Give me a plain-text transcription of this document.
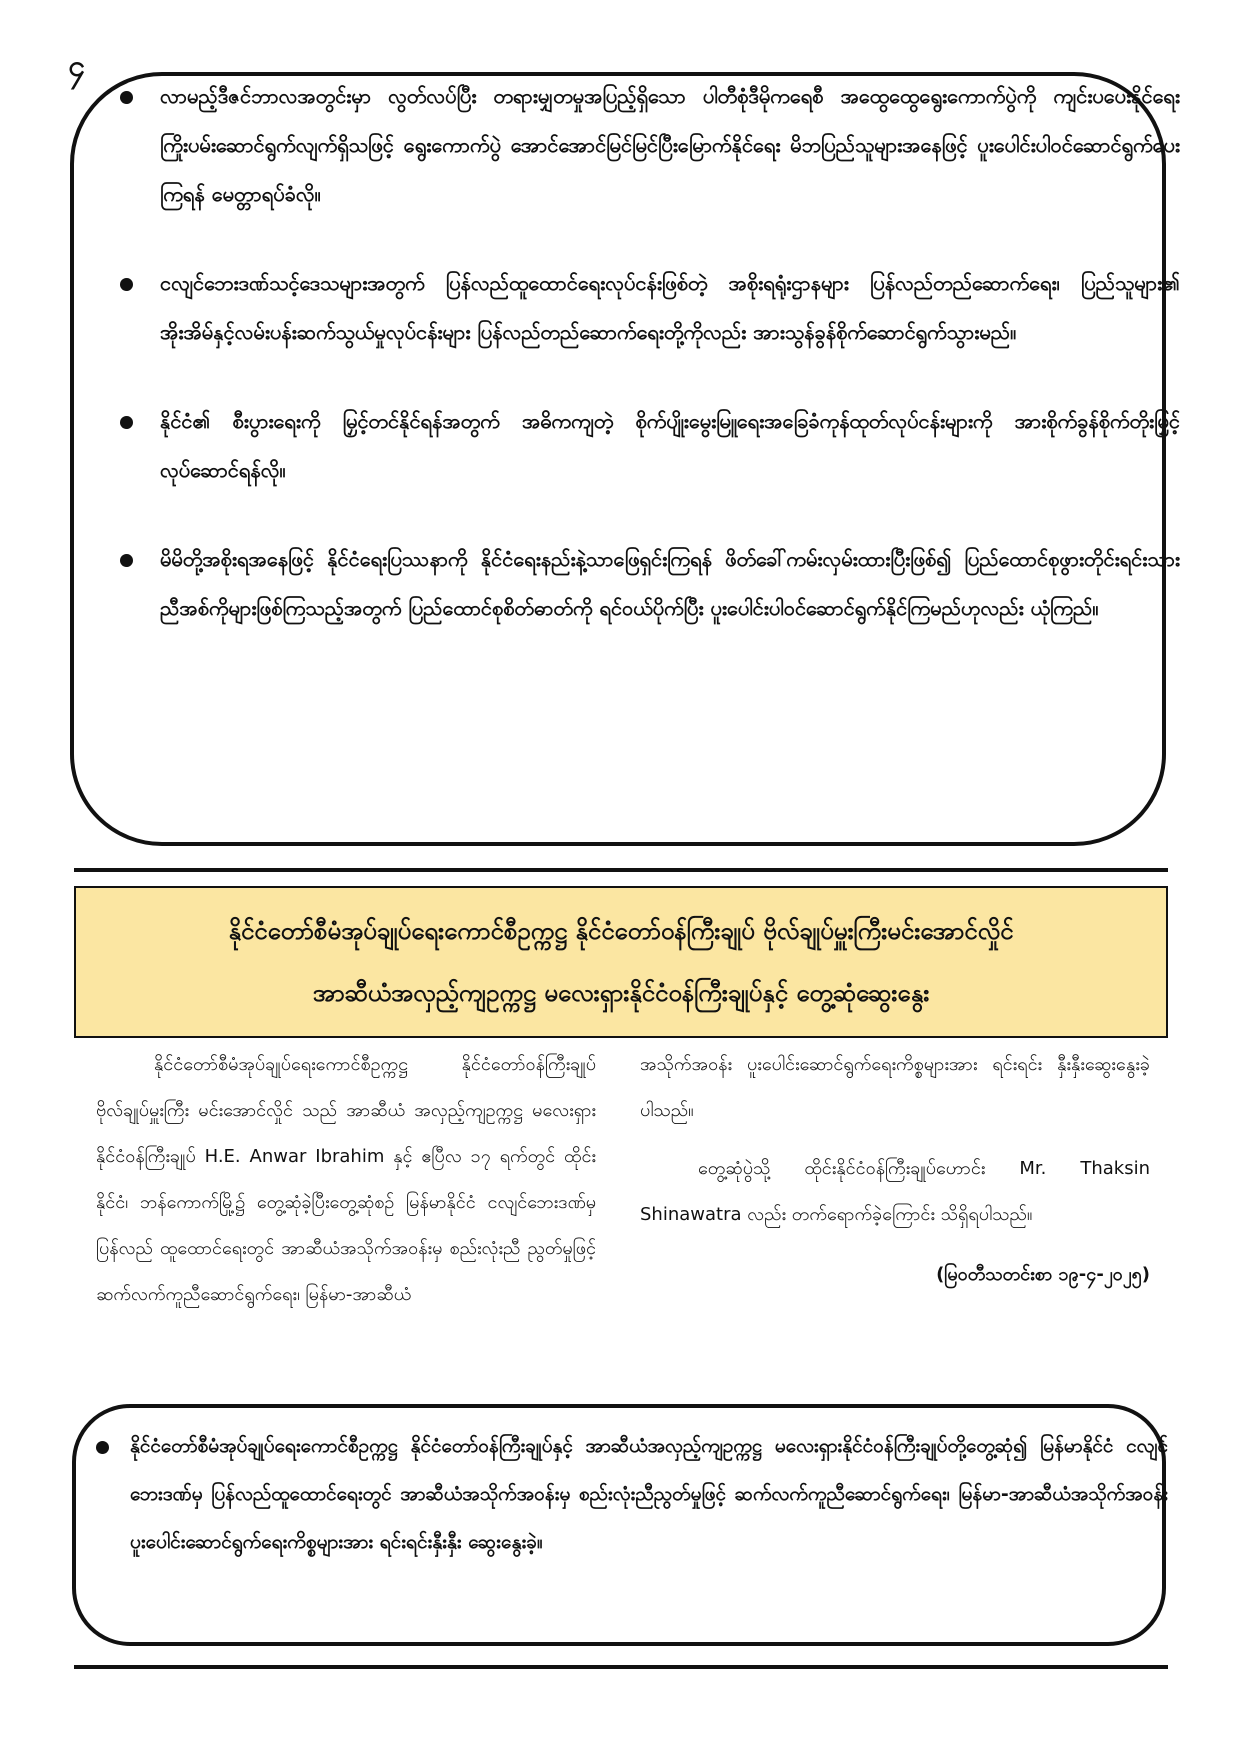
၄
လာမည့်ဒီဇင်ဘာလအတွင်းမှာ လွတ်လပ်ပြီး တရားမျှတမှုအပြည့်ရှိသော ပါတီစုံဒီမိုကရေစီ အထွေထွေရွေးကောက်ပွဲကို ကျင်းပပေးနိုင်ရေး ကြိုးပမ်းဆောင်ရွက်လျက်ရှိသဖြင့် ရွေးကောက်ပွဲ အောင်အောင်မြင်မြင်ပြီးမြောက်နိုင်ရေး မိဘပြည်သူများအနေဖြင့် ပူးပေါင်းပါဝင်ဆောင်ရွက်ပေးကြရန် မေတ္တာရပ်ခံလို။
ငလျင်ဘေးဒဏ်သင့်ဒေသများအတွက် ပြန်လည်ထူထောင်ရေးလုပ်ငန်းဖြစ်တဲ့ အစိုးရရုံးဌာနများ ပြန်လည်တည်ဆောက်ရေး၊ ပြည်သူများ၏ အိုးအိမ်နှင့်လမ်းပန်းဆက်သွယ်မှုလုပ်ငန်းများ ပြန်လည်တည်ဆောက်ရေးတို့ကိုလည်း အားသွန်ခွန်စိုက်ဆောင်ရွက်သွားမည်။
နိုင်ငံ၏ စီးပွားရေးကို မြှင့်တင်နိုင်ရန်အတွက် အဓိကကျတဲ့ စိုက်ပျိုးမွေးမြူရေးအခြေခံကုန်ထုတ်လုပ်ငန်းများကို အားစိုက်ခွန်စိုက်တိုးမြှင့်လုပ်ဆောင်ရန်လို။
မိမိတို့အစိုးရအနေဖြင့် နိုင်ငံရေးပြဿနာကို နိုင်ငံရေးနည်းနဲ့သာဖြေရှင်းကြရန် ဖိတ်ခေါ်ကမ်းလှမ်းထားပြီးဖြစ်၍ ပြည်ထောင်စုဖွားတိုင်းရင်းသားညီအစ်ကိုများဖြစ်ကြသည့်အတွက် ပြည်ထောင်စုစိတ်ဓာတ်ကို ရင်ဝယ်ပိုက်ပြီး ပူးပေါင်းပါဝင်ဆောင်ရွက်နိုင်ကြမည်ဟုလည်း ယုံကြည်။
နိုင်ငံတော်စီမံအုပ်ချုပ်ရေးကောင်စီဥက္ကဋ္ဌ နိုင်ငံတော်ဝန်ကြီးချုပ် ဗိုလ်ချုပ်မှူးကြီးမင်းအောင်လှိုင်
အာဆီယံအလှည့်ကျဥက္ကဋ္ဌ မလေးရှားနိုင်ငံဝန်ကြီးချုပ်နှင့် တွေ့ဆုံဆွေးနွေး

နိုင်ငံတော်စီမံအုပ်ချုပ်ရေးကောင်စီဥက္ကဋ္ဌ နိုင်ငံတော်ဝန်ကြီးချုပ် ဗိုလ်ချုပ်မှူးကြီး မင်းအောင်လှိုင် သည် အာဆီယံ အလှည့်ကျဥက္ကဋ္ဌ မလေးရှားနိုင်ငံဝန်ကြီးချုပ် H.E. Anwar Ibrahim နှင့် ဧပြီလ ၁၇ ရက်တွင် ထိုင်းနိုင်ငံ၊ ဘန်ကောက်မြို့၌ တွေ့ဆုံခဲ့ပြီးတွေ့ဆုံစဥ် မြန်မာနိုင်ငံ ငလျင်ဘေးဒဏ်မှ ပြန်လည် ထူထောင်ရေးတွင် အာဆီယံအသိုက်အဝန်းမှ စည်းလုံးညီ ညွတ်မှုဖြင့် ဆက်လက်ကူညီဆောင်ရွက်ရေး၊ မြန်မာ-အာဆီယံ

အသိုက်အဝန်း ပူးပေါင်းဆောင်ရွက်ရေးကိစ္စများအား ရင်းရင်း နှီးနှီးဆွေးနွေးခဲ့ပါသည်။

တွေ့ဆုံပွဲသို့ ထိုင်းနိုင်ငံဝန်ကြီးချုပ်ဟောင်း Mr. Thaksin Shinawatra လည်း တက်ရောက်ခဲ့ကြောင်း သိရှိရပါသည်။

(မြဝတီသတင်းစာ ၁၉-၄-၂၀၂၅)

နိုင်ငံတော်စီမံအုပ်ချုပ်ရေးကောင်စီဥက္ကဋ္ဌ နိုင်ငံတော်ဝန်ကြီးချုပ်နှင့် အာဆီယံအလှည့်ကျဥက္ကဋ္ဌ မလေးရှားနိုင်ငံဝန်ကြီးချုပ်တို့တွေ့ဆုံ၍ မြန်မာနိုင်ငံ ငလျင်ဘေးဒဏ်မှ ပြန်လည်ထူထောင်ရေးတွင် အာဆီယံအသိုက်အဝန်းမှ စည်းလုံးညီညွတ်မှုဖြင့် ဆက်လက်ကူညီဆောင်ရွက်ရေး၊ မြန်မာ-အာဆီယံအသိုက်အဝန်း ပူးပေါင်းဆောင်ရွက်ရေးကိစ္စများအား ရင်းရင်းနှီးနှီး ဆွေးနွေးခဲ့။
